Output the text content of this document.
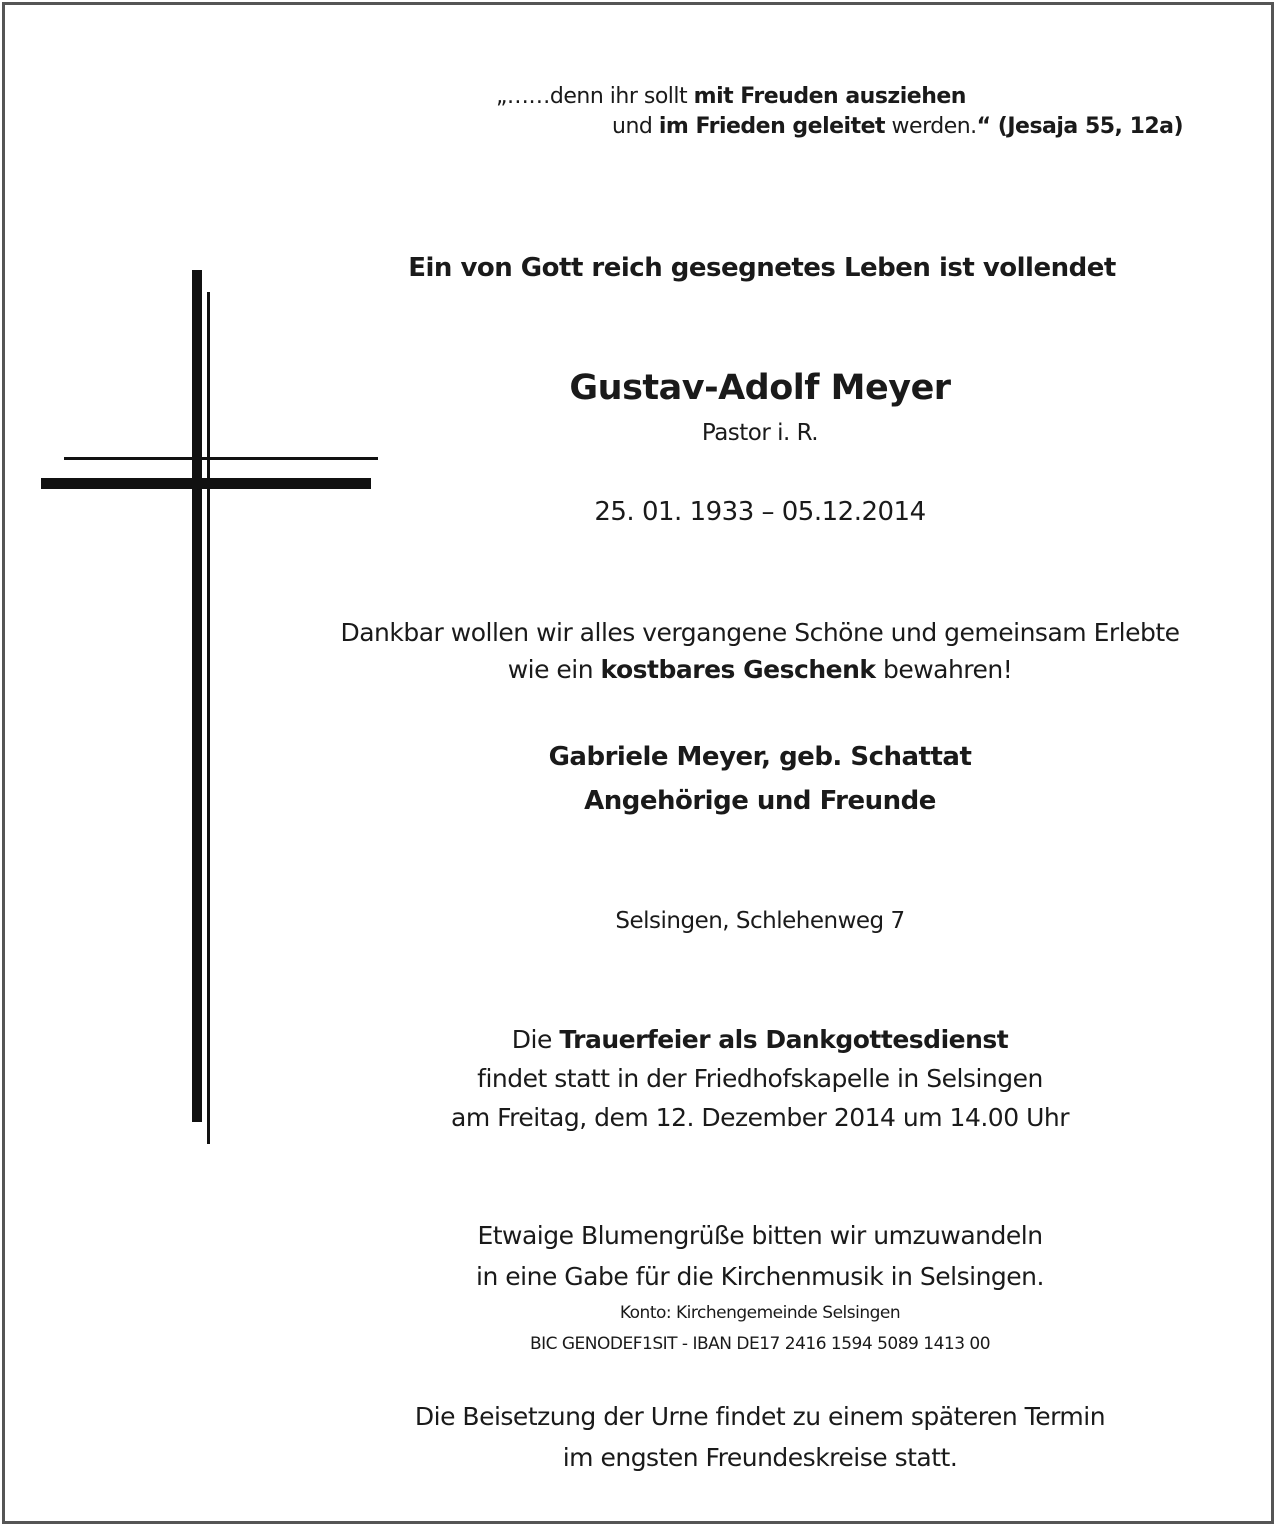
„……denn ihr sollt mit Freuden ausziehen
und im Frieden geleitet werden.“ (Jesaja 55, 12a)
Ein von Gott reich gesegnetes Leben ist vollendet
Gustav-Adolf Meyer
Pastor i. R.
25. 01. 1933 – 05.12.2014
Dankbar wollen wir alles vergangene Schöne und gemeinsam Erlebte
wie ein kostbares Geschenk bewahren!
Gabriele Meyer, geb. Schattat
Angehörige und Freunde
Selsingen, Schlehenweg 7
Die Trauerfeier als Dankgottesdienst
findet statt in der Friedhofskapelle in Selsingen
am Freitag, dem 12. Dezember 2014 um 14.00 Uhr
Etwaige Blumengrüße bitten wir umzuwandeln
in eine Gabe für die Kirchenmusik in Selsingen.
Konto: Kirchengemeinde Selsingen
BIC GENODEF1SIT - IBAN DE17 2416 1594 5089 1413 00
Die Beisetzung der Urne findet zu einem späteren Termin
im engsten Freundeskreise statt.
